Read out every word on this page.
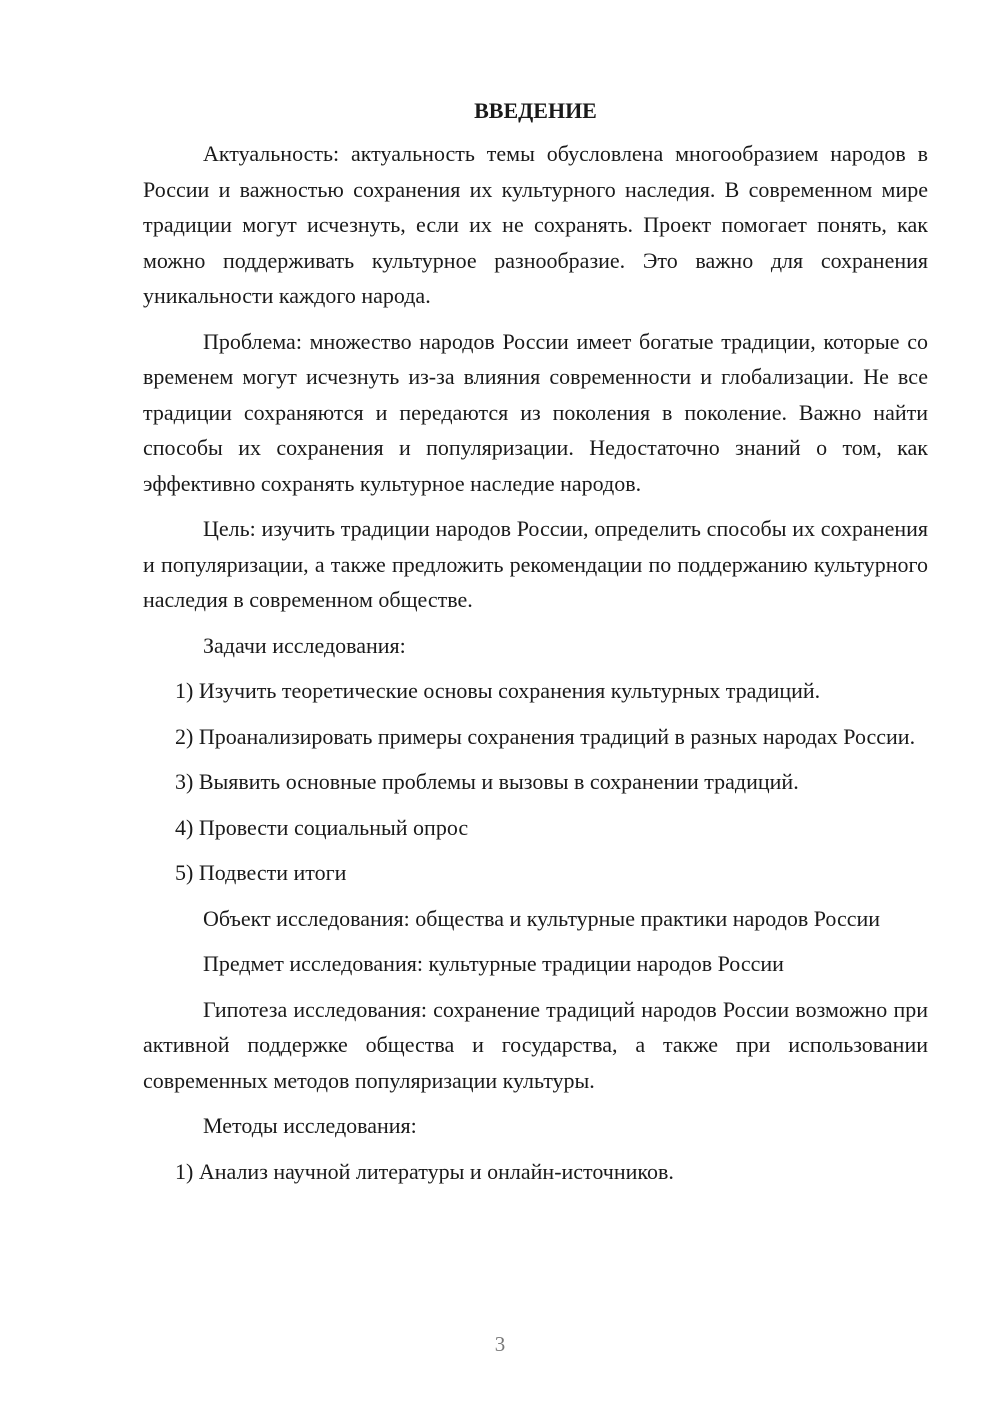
ВВЕДЕНИЕ

Актуальность: актуальность темы обусловлена многообразием народов в России и важностью сохранения их культурного наследия. В современном мире традиции могут исчезнуть, если их не сохранять. Проект помогает понять, как можно поддерживать культурное разнообразие. Это важно для сохранения уникальности каждого народа.

Проблема: множество народов России имеет богатые традиции, которые со временем могут исчезнуть из-за влияния современности и глобализации. Не все традиции сохраняются и передаются из поколения в поколение. Важно найти способы их сохранения и популяризации. Недостаточно знаний о том, как эффективно сохранять культурное наследие народов.

Цель: изучить традиции народов России, определить способы их сохранения и популяризации, а также предложить рекомендации по поддержанию культурного наследия в современном обществе.

Задачи исследования:

1) Изучить теоретические основы сохранения культурных традиций.

2) Проанализировать примеры сохранения традиций в разных народах России.

3) Выявить основные проблемы и вызовы в сохранении традиций.

4) Провести социальный опрос

5) Подвести итоги

Объект исследования: общества и культурные практики народов России

Предмет исследования: культурные традиции народов России

Гипотеза исследования: сохранение традиций народов России возможно при активной поддержке общества и государства, а также при использовании современных методов популяризации культуры.

Методы исследования:

1) Анализ научной литературы и онлайн-источников.

3
